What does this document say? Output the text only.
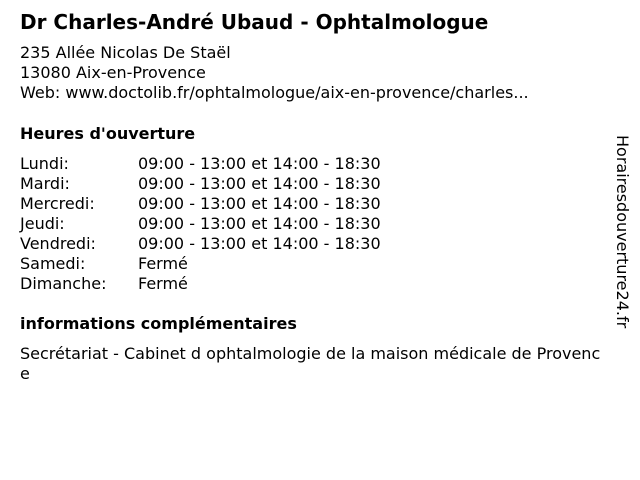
Dr Charles-André Ubaud - Ophtalmologue
235 Allée Nicolas De Staël
13080 Aix-en-Provence
Web: www.doctolib.fr/ophtalmologue/aix-en-provence/charles...
Heures d'ouverture
Lundi:	09:00 - 13:00 et 14:00 - 18:30
Mardi:	09:00 - 13:00 et 14:00 - 18:30
Mercredi:	09:00 - 13:00 et 14:00 - 18:30
Jeudi:	09:00 - 13:00 et 14:00 - 18:30
Vendredi:	09:00 - 13:00 et 14:00 - 18:30
Samedi:	Fermé
Dimanche:	Fermé
informations complémentaires
Secrétariat - Cabinet d ophtalmologie de la maison médicale de Provence
Horairesdouverture24.fr
